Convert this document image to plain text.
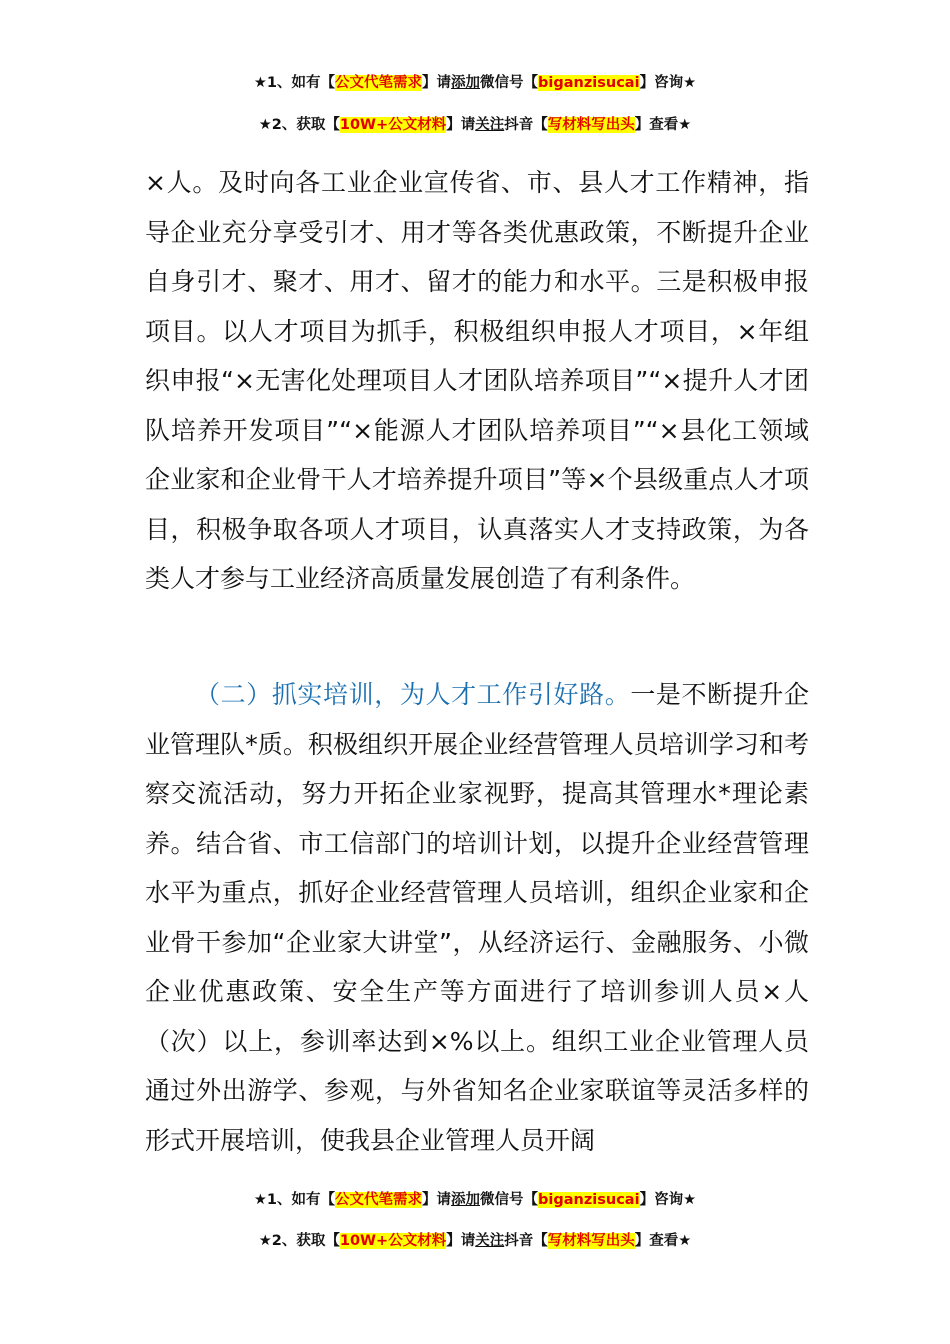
★1、如有【公文代笔需求】请添加微信号【biganzisucai】咨询★
★2、获取【10W+公文材料】请关注抖音【写材料写出头】查看★
×人。及时向各工业企业宣传省、市、县人才工作精神，指导企业充分享受引才、用才等各类优惠政策，不断提升企业自身引才、聚才、用才、留才的能力和水平。三是积极申报项目。以人才项目为抓手，积极组织申报人才项目，×年组织申报“×无害化处理项目人才团队培养项目”“×提升人才团队培养开发项目”“×能源人才团队培养项目”“×县化工领域企业家和企业骨干人才培养提升项目”等×个县级重点人才项目，积极争取各项人才项目，认真落实人才支持政策，为各类人才参与工业经济高质量发展创造了有利条件。
（二）抓实培训，为人才工作引好路。一是不断提升企业管理队*质。积极组织开展企业经营管理人员培训学习和考察交流活动，努力开拓企业家视野，提高其管理水*理论素养。结合省、市工信部门的培训计划，以提升企业经营管理水平为重点，抓好企业经营管理人员培训，组织企业家和企业骨干参加“企业家大讲堂”，从经济运行、金融服务、小微企业优惠政策、安全生产等方面进行了培训参训人员×人（次）以上，参训率达到×%以上。组织工业企业管理人员通过外出游学、参观，与外省知名企业家联谊等灵活多样的形式开展培训，使我县企业管理人员开阔
★1、如有【公文代笔需求】请添加微信号【biganzisucai】咨询★
★2、获取【10W+公文材料】请关注抖音【写材料写出头】查看★
